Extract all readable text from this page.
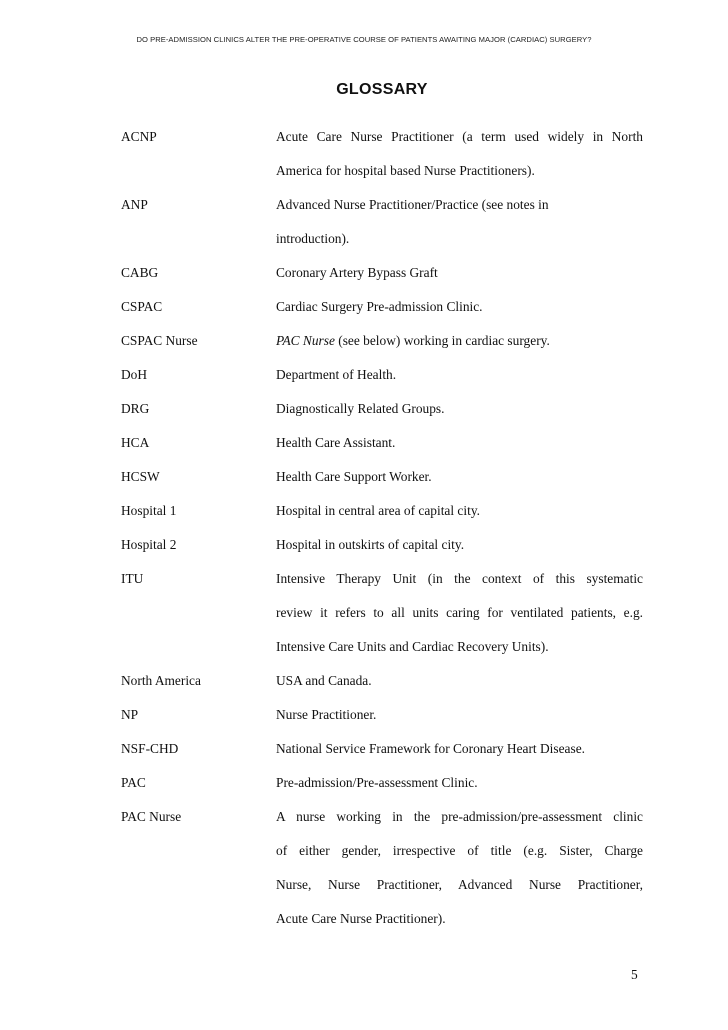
DO PRE-ADMISSION CLINICS ALTER THE PRE-OPERATIVE COURSE OF PATIENTS AWAITING MAJOR (CARDIAC) SURGERY?
GLOSSARY
ACNP	Acute Care Nurse Practitioner (a term used widely in North
America for hospital based Nurse Practitioners).
ANP	Advanced Nurse Practitioner/Practice (see notes in
introduction).
CABG	Coronary Artery Bypass Graft
CSPAC	Cardiac Surgery Pre-admission Clinic.
CSPAC Nurse	PAC Nurse (see below) working in cardiac surgery.
DoH	Department of Health.
DRG	Diagnostically Related Groups.
HCA	Health Care Assistant.
HCSW	Health Care Support Worker.
Hospital 1	Hospital in central area of capital city.
Hospital 2	Hospital in outskirts of capital city.
ITU	Intensive Therapy Unit (in the context of this systematic
review it refers to all units caring for ventilated patients, e.g.
Intensive Care Units and Cardiac Recovery Units).
North America	USA and Canada.
NP	Nurse Practitioner.
NSF-CHD	National Service Framework for Coronary Heart Disease.
PAC	Pre-admission/Pre-assessment Clinic.
PAC Nurse	A nurse working in the pre-admission/pre-assessment clinic
of either gender, irrespective of title (e.g. Sister, Charge
Nurse, Nurse Practitioner, Advanced Nurse Practitioner,
Acute Care Nurse Practitioner).
5
